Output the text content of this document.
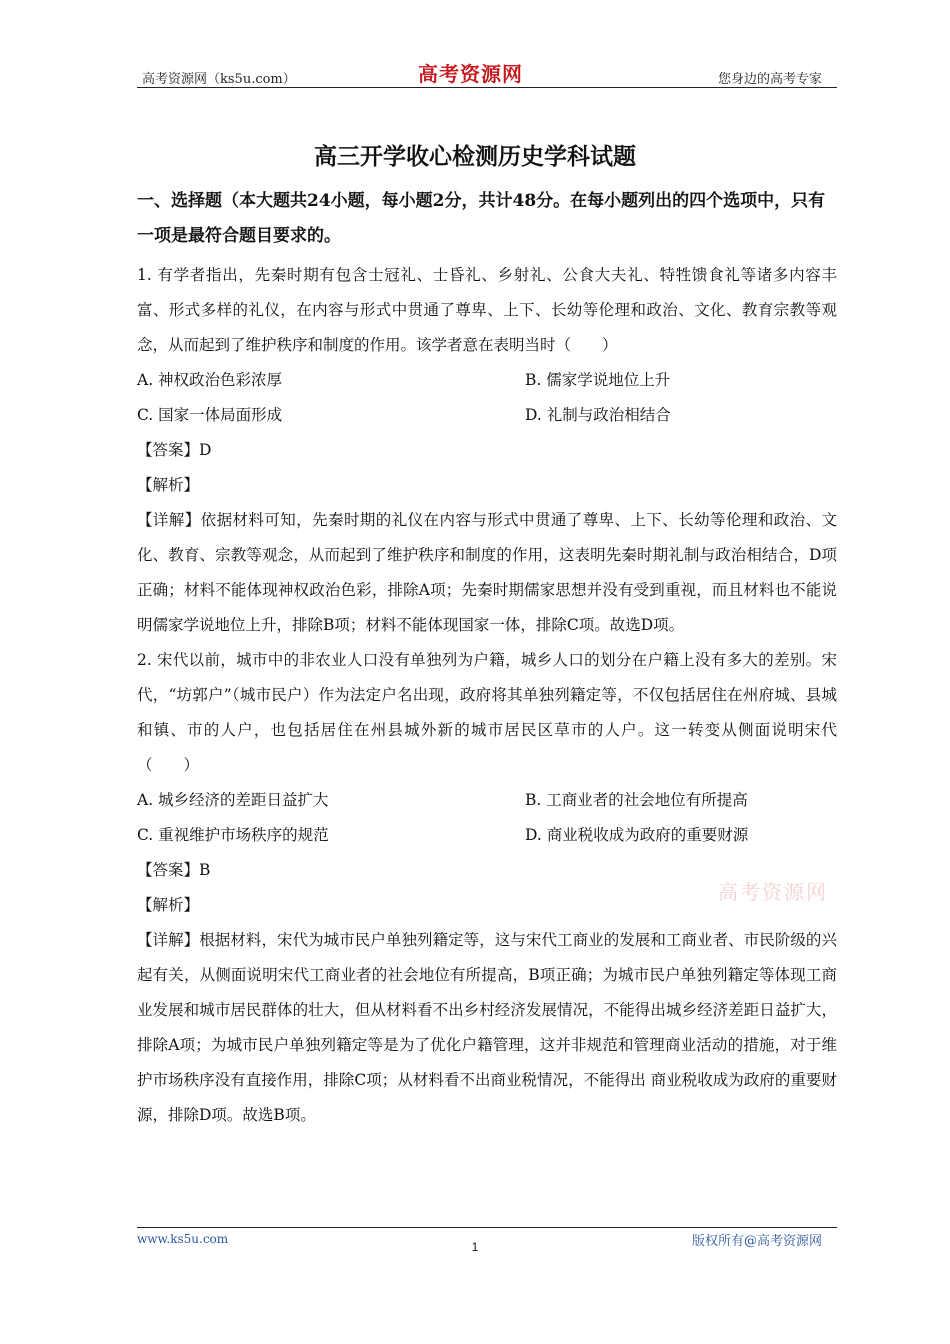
高考资源网（ks5u.com）	高考资源网	您身边的高考专家
高三开学收心检测历史学科试题

一、选择题（本大题共24小题，每小题2分，共计48分。在每小题列出的四个选项中，只有一项是最符合题目要求的。

1. 有学者指出，先秦时期有包含士冠礼、士昏礼、乡射礼、公食大夫礼、特牲馈食礼等诸多内容丰富、形式多样的礼仪，在内容与形式中贯通了尊卑、上下、长幼等伦理和政治、文化、教育宗教等观念，从而起到了维护秩序和制度的作用。该学者意在表明当时（　　）

A. 神权政治色彩浓厚	B. 儒家学说地位上升
C. 国家一体局面形成	D. 礼制与政治相结合
【答案】D
【解析】

【详解】依据材料可知，先秦时期的礼仪在内容与形式中贯通了尊卑、上下、长幼等伦理和政治、文化、教育、宗教等观念，从而起到了维护秩序和制度的作用，这表明先秦时期礼制与政治相结合，D项正确；材料不能体现神权政治色彩，排除A项；先秦时期儒家思想并没有受到重视，而且材料也不能说明儒家学说地位上升，排除B项；材料不能体现国家一体，排除C项。故选D项。

2. 宋代以前，城市中的非农业人口没有单独列为户籍，城乡人口的划分在户籍上没有多大的差别。宋代，“坊郭户”（城市民户）作为法定户名出现，政府将其单独列籍定等，不仅包括居住在州府城、县城和镇、市的人户，也包括居住在州县城外新的城市居民区草市的人户。这一转变从侧面说明宋代（　　）

A. 城乡经济的差距日益扩大	B. 工商业者的社会地位有所提高
C. 重视维护市场秩序的规范	D. 商业税收成为政府的重要财源
【答案】B
【解析】

【详解】根据材料，宋代为城市民户单独列籍定等，这与宋代工商业的发展和工商业者、市民阶级的兴起有关，从侧面说明宋代工商业者的社会地位有所提高，B项正确；为城市民户单独列籍定等体现工商业发展和城市居民群体的壮大，但从材料看不出乡村经济发展情况，不能得出城乡经济差距日益扩大，排除A项；为城市民户单独列籍定等是为了优化户籍管理，这并非规范和管理商业活动的措施，对于维护市场秩序没有直接作用，排除C项；从材料看不出商业税情况，不能得出 商业税收成为政府的重要财源，排除D项。故选B项。

高考资源网
www.ks5u.com
1	版权所有@高考资源网
